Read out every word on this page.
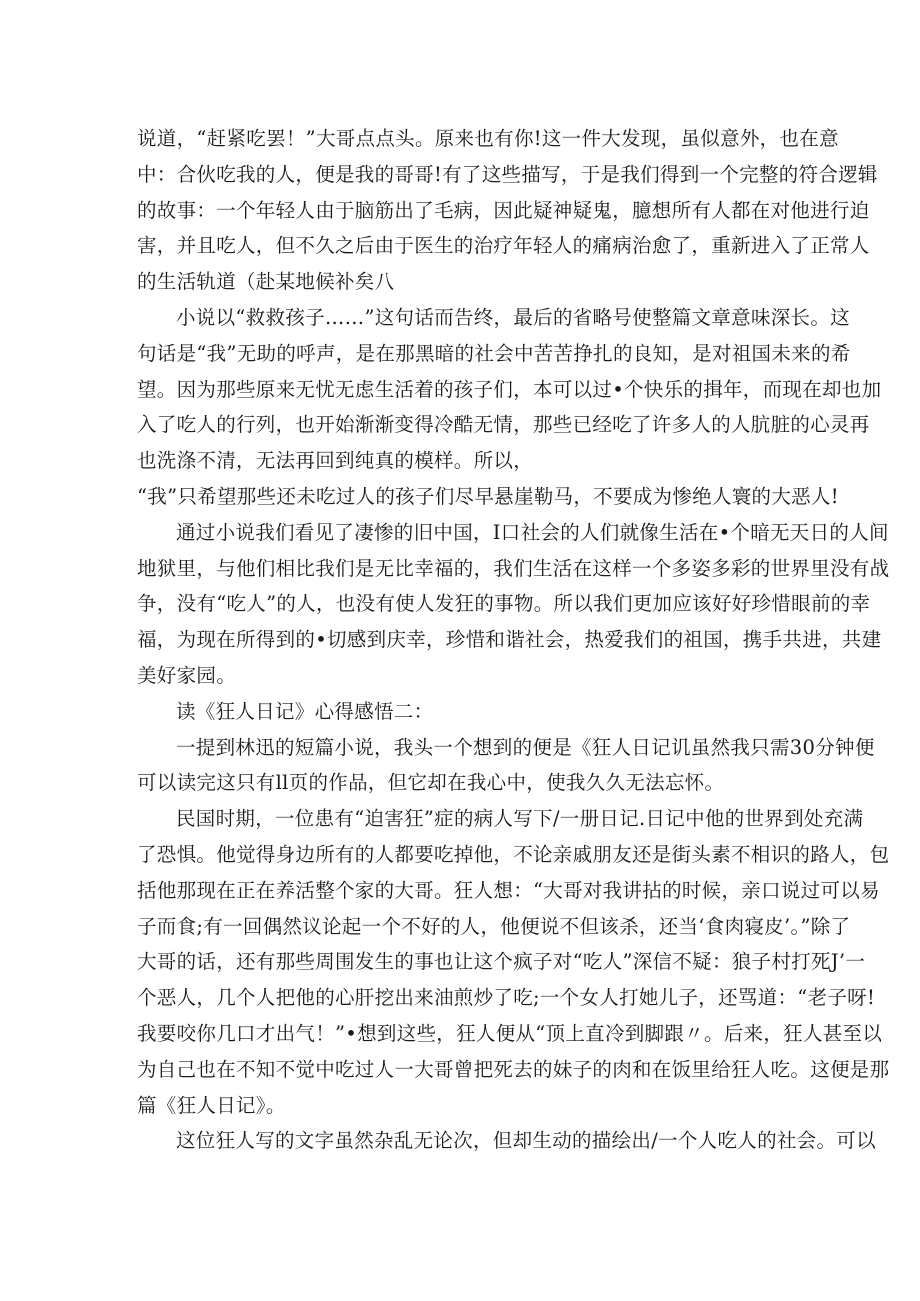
说道，“赶紧吃罢！”大哥点点头。原来也有你!这一件大发现，虽似意外，也在意
中：合伙吃我的人，便是我的哥哥!有了这些描写，于是我们得到一个完整的符合逻辑
的故事：一个年轻人由于脑筋出了毛病，因此疑神疑鬼，臆想所有人都在对他进行迫
害，并且吃人，但不久之后由于医生的治疗年轻人的痛病治愈了，重新进入了正常人
的生活轨道（赴某地候补矣八
小说以“救救孩子……”这句话而告终，最后的省略号使整篇文章意味深长。这
句话是“我”无助的呼声，是在那黑暗的社会中苦苦挣扎的良知，是对祖国未来的希
望。因为那些原来无忧无虑生活着的孩子们，本可以过•个快乐的揖年，而现在却也加
入了吃人的行列，也开始渐渐变得冷酷无情，那些已经吃了许多人的人肮脏的心灵再
也洗涤不清，无法再回到纯真的模样。所以，
“我”只希望那些还未吃过人的孩子们尽早悬崖勒马，不要成为惨绝人寰的大恶人!
通过小说我们看见了凄惨的旧中国，I口社会的人们就像生活在•个暗无天日的人间
地狱里，与他们相比我们是无比幸福的，我们生活在这样一个多姿多彩的世界里没有战
争，没有“吃人”的人，也没有使人发狂的事物。所以我们更加应该好好珍惜眼前的幸
福，为现在所得到的•切感到庆幸，珍惜和谐社会，热爱我们的祖国，携手共进，共建
美好家园。
读《狂人日记》心得感悟二：
一提到林迅的短篇小说，我头一个想到的便是《狂人日记讥虽然我只需30分钟便
可以读完这只有ll页的作品，但它却在我心中，使我久久无法忘怀。
民国时期，一位患有“迫害狂”症的病人写下/一册日记.日记中他的世界到处充满
了恐惧。他觉得身边所有的人都要吃掉他，不论亲戚朋友还是街头素不相识的路人，包
括他那现在正在养活整个家的大哥。狂人想：“大哥对我讲拈的时候，亲口说过可以易
子而食;有一回偶然议论起一个不好的人，他便说不但该杀，还当‘食肉寝皮’。”除了
大哥的话，还有那些周围发生的事也让这个疯子对“吃人”深信不疑：狼子村打死J’一
个恶人，几个人把他的心肝挖出来油煎炒了吃;一个女人打她儿子，还骂道：“老子呀!
我要咬你几口才出气！”•想到这些，狂人便从“顶上直冷到脚跟〃。后来，狂人甚至以
为自己也在不知不觉中吃过人一大哥曾把死去的妹子的肉和在饭里给狂人吃。这便是那
篇《狂人日记》。
这位狂人写的文字虽然杂乱无论次，但却生动的描绘出/一个人吃人的社会。可以
